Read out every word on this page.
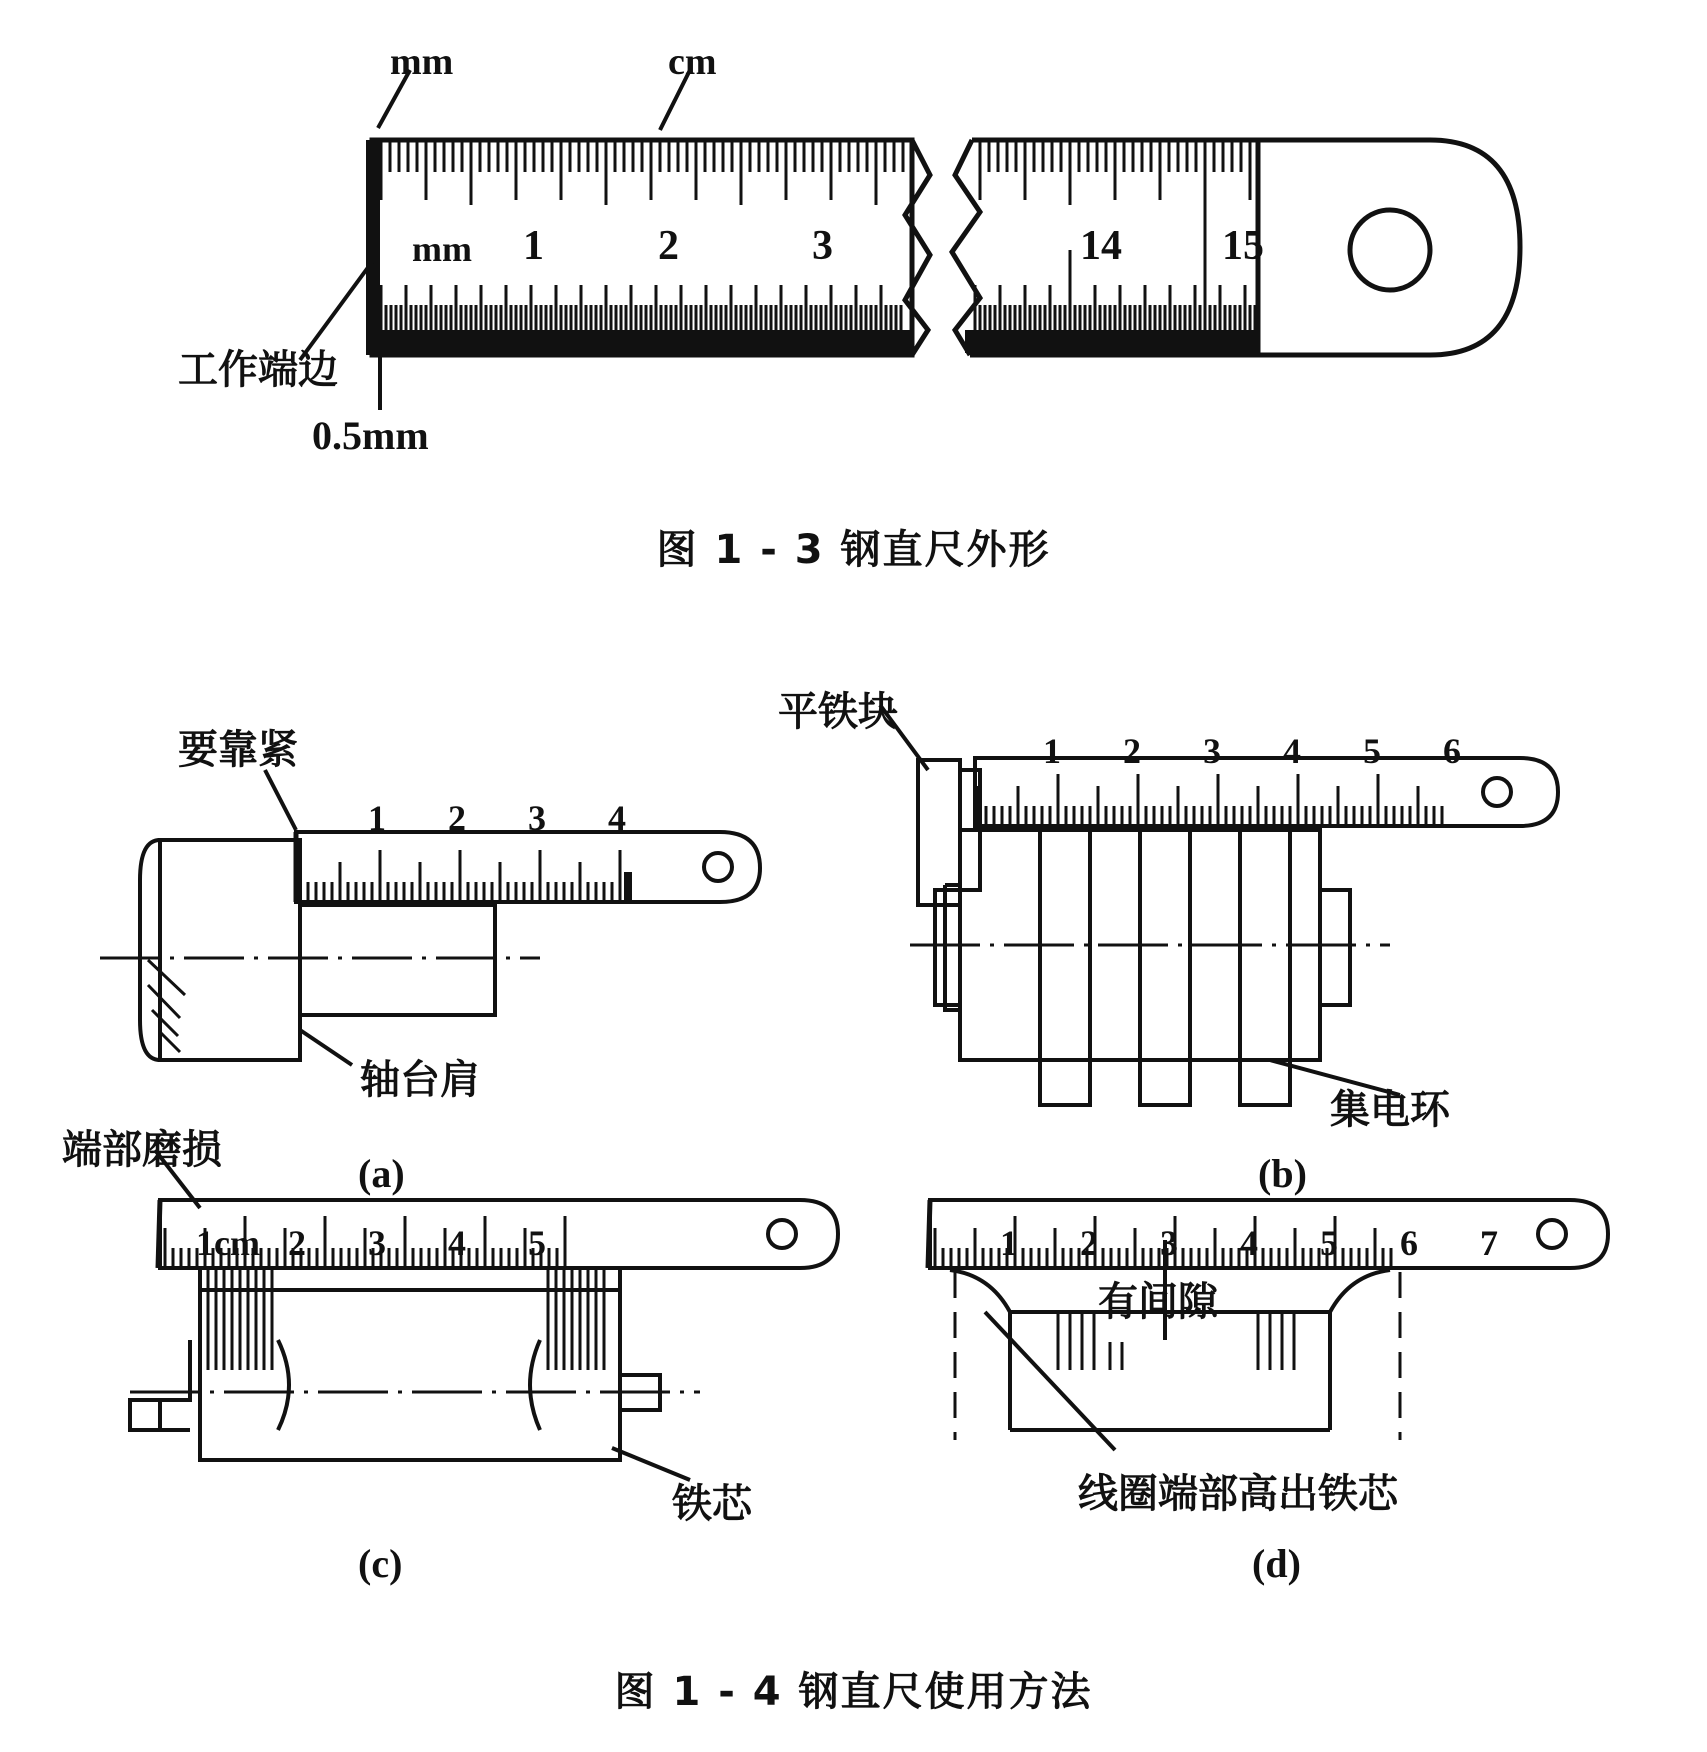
mm	cm
mm 1	2	3	14 15
工作端边
0.5mm
图 1 - 3 钢直尺外形
要靠紧
轴台肩
1 2 3 4
(a)
平铁块
集电环
1 2 3 4 5 6
(b)
端部磨损
铁芯
1cm 2 3 4 5
(c)
有间隙
线圈端部高出铁芯
1 2 3 4 5 6 7
(d)
图 1 - 4 钢直尺使用方法
